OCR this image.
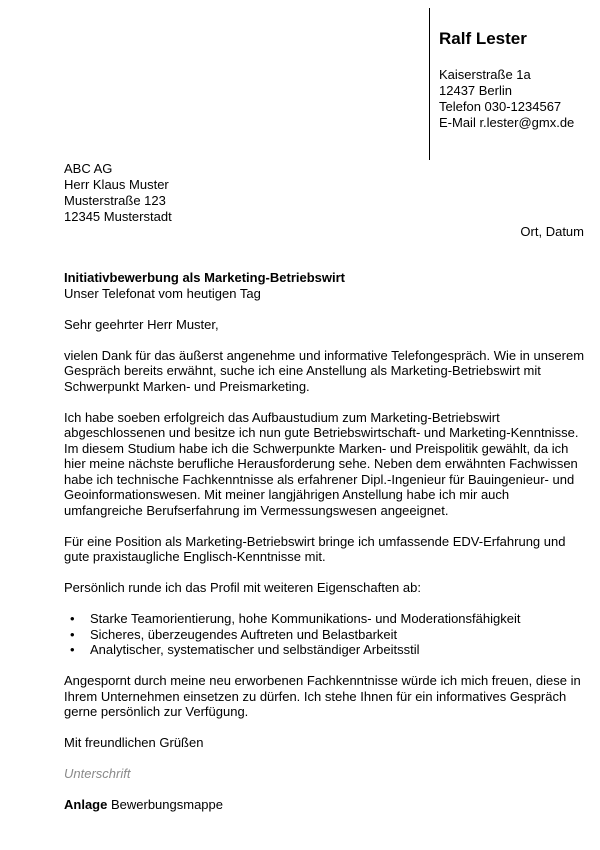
Ralf Lester
Kaiserstraße 1a
12437 Berlin
Telefon 030-1234567
E-Mail r.lester@gmx.de
ABC AG
Herr Klaus Muster
Musterstraße 123
12345 Musterstadt
Ort, Datum
Initiativbewerbung als Marketing-Betriebswirt

Unser Telefonat vom heutigen Tag

Sehr geehrter Herr Muster,

vielen Dank für das äußerst angenehme und informative Telefongespräch. Wie in unserem Gespräch bereits erwähnt, suche ich eine Anstellung als Marketing-Betriebswirt mit Schwerpunkt Marken- und Preismarketing.

Ich habe soeben erfolgreich das Aufbaustudium zum Marketing-Betriebswirt abgeschlossenen und besitze ich nun gute Betriebswirtschaft- und Marketing-Kenntnisse. Im diesem Studium habe ich die Schwerpunkte Marken- und Preispolitik gewählt, da ich hier meine nächste berufliche Herausforderung sehe. Neben dem erwähnten Fachwissen habe ich technische Fachkenntnisse als erfahrener Dipl.-Ingenieur für Bauingenieur- und Geoinformationswesen. Mit meiner langjährigen Anstellung habe ich mir auch umfangreiche Berufserfahrung im Vermessungswesen angeeignet.

Für eine Position als Marketing-Betriebswirt bringe ich umfassende EDV-Erfahrung und gute praxistaugliche Englisch-Kenntnisse mit.

Persönlich runde ich das Profil mit weiteren Eigenschaften ab:

• Starke Teamorientierung, hohe Kommunikations- und Moderationsfähigkeit
• Sicheres, überzeugendes Auftreten und Belastbarkeit
• Analytischer, systematischer und selbständiger Arbeitsstil

Angespornt durch meine neu erworbenen Fachkenntnisse würde ich mich freuen, diese in Ihrem Unternehmen einsetzen zu dürfen. Ich stehe Ihnen für ein informatives Gespräch gerne persönlich zur Verfügung.

Mit freundlichen Grüßen

Unterschrift

Anlage Bewerbungsmappe
